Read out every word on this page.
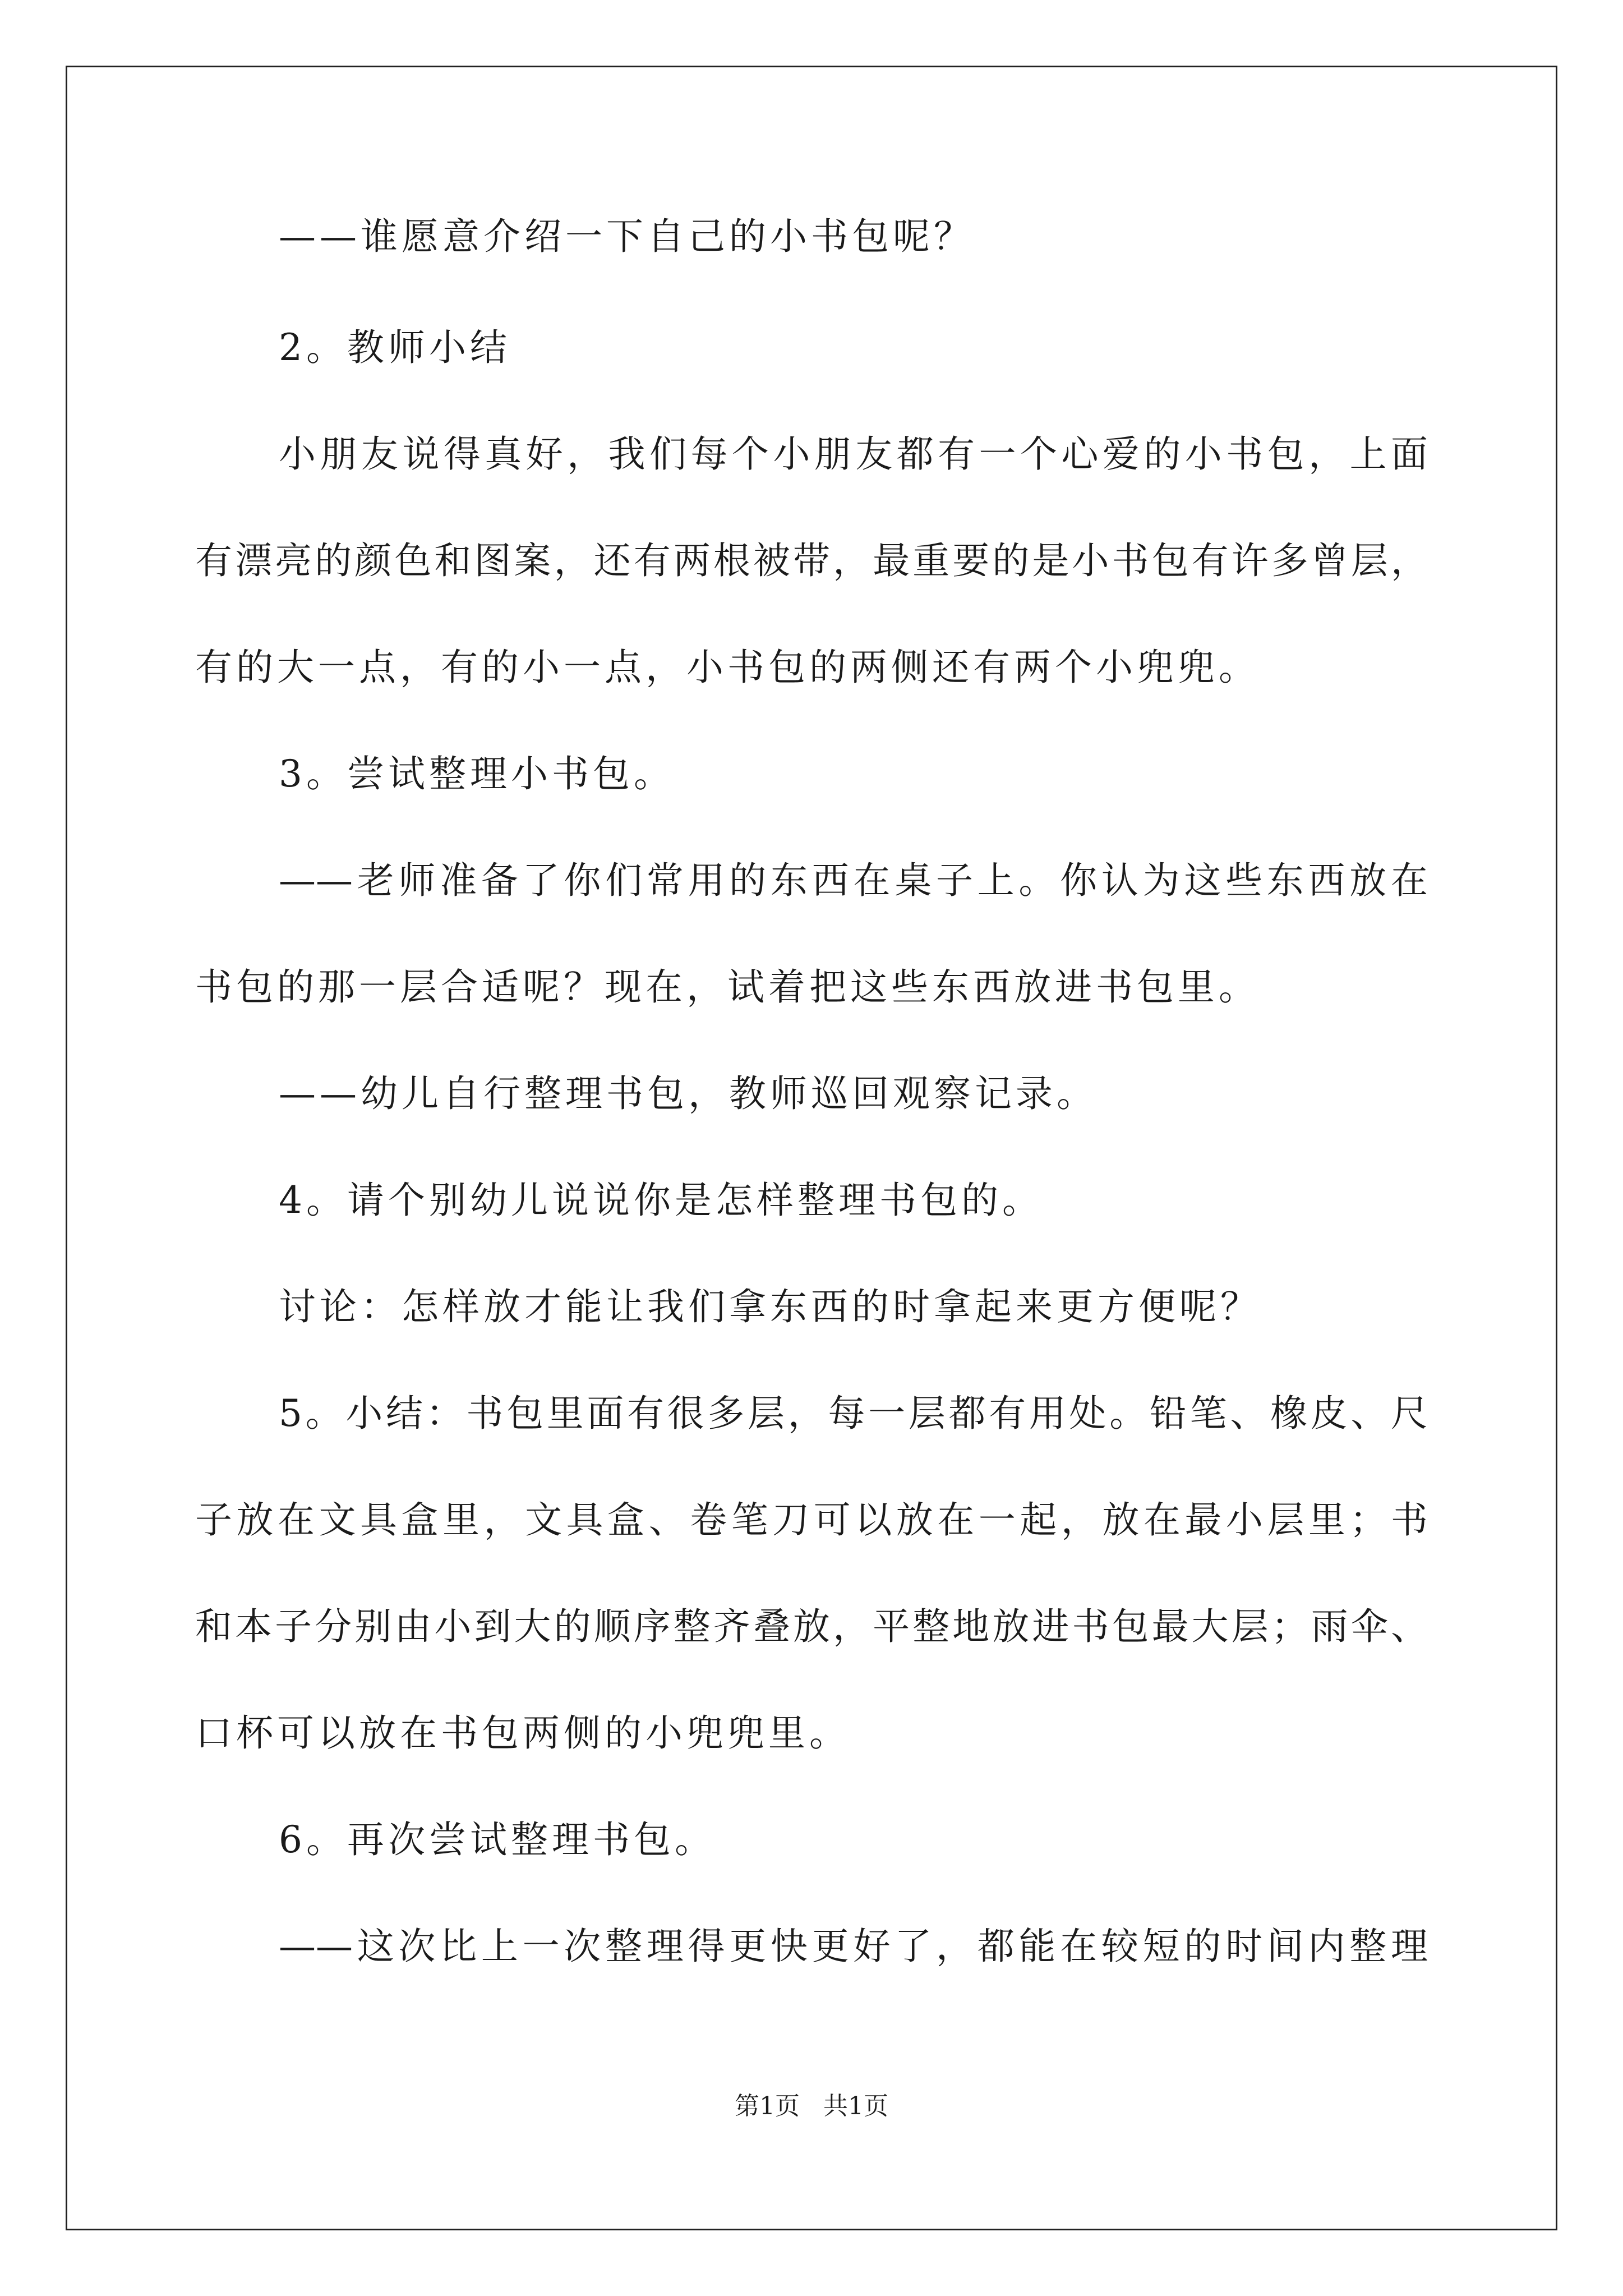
——谁愿意介绍一下自己的小书包呢？
2。教师小结
小朋友说得真好，我们每个小朋友都有一个心爱的小书包，上面
有漂亮的颜色和图案，还有两根被带，最重要的是小书包有许多曾层，
有的大一点，有的小一点，小书包的两侧还有两个小兜兜。
3。尝试整理小书包。
——老师准备了你们常用的东西在桌子上。你认为这些东西放在
书包的那一层合适呢？现在，试着把这些东西放进书包里。
——幼儿自行整理书包，教师巡回观察记录。
4。请个别幼儿说说你是怎样整理书包的。
讨论：怎样放才能让我们拿东西的时拿起来更方便呢？
5。小结：书包里面有很多层，每一层都有用处。铅笔、橡皮、尺
子放在文具盒里，文具盒、卷笔刀可以放在一起，放在最小层里；书
和本子分别由小到大的顺序整齐叠放，平整地放进书包最大层；雨伞、
口杯可以放在书包两侧的小兜兜里。
6。再次尝试整理书包。
——这次比上一次整理得更快更好了，都能在较短的时间内整理
第1页 共1页
